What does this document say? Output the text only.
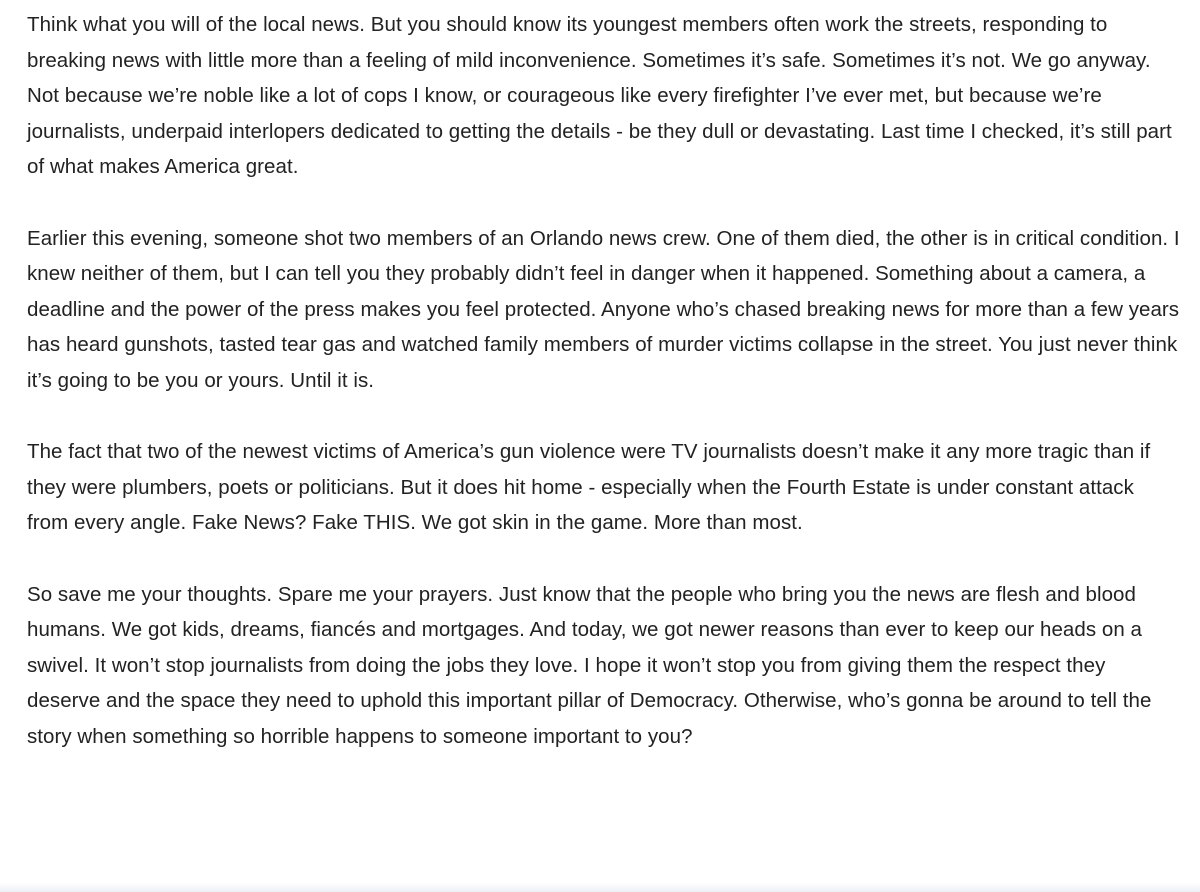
Think what you will of the local news. But you should know its youngest members often work the streets, responding to breaking news with little more than a feeling of mild inconvenience. Sometimes it’s safe. Sometimes it’s not. We go anyway. Not because we’re noble like a lot of cops I know, or courageous like every firefighter I’ve ever met, but because we’re journalists, underpaid interlopers dedicated to getting the details - be they dull or devastating. Last time I checked, it’s still part of what makes America great.

Earlier this evening, someone shot two members of an Orlando news crew. One of them died, the other is in critical condition. I knew neither of them, but I can tell you they probably didn’t feel in danger when it happened. Something about a camera, a deadline and the power of the press makes you feel protected. Anyone who’s chased breaking news for more than a few years has heard gunshots, tasted tear gas and watched family members of murder victims collapse in the street. You just never think it’s going to be you or yours. Until it is.

The fact that two of the newest victims of America’s gun violence were TV journalists doesn’t make it any more tragic than if they were plumbers, poets or politicians. But it does hit home - especially when the Fourth Estate is under constant attack from every angle. Fake News? Fake THIS. We got skin in the game. More than most.

So save me your thoughts. Spare me your prayers. Just know that the people who bring you the news are flesh and blood humans. We got kids, dreams, fiancés and mortgages. And today, we got newer reasons than ever to keep our heads on a swivel. It won’t stop journalists from doing the jobs they love. I hope it won’t stop you from giving them the respect they deserve and the space they need to uphold this important pillar of Democracy. Otherwise, who’s gonna be around to tell the story when something so horrible happens to someone important to you?
